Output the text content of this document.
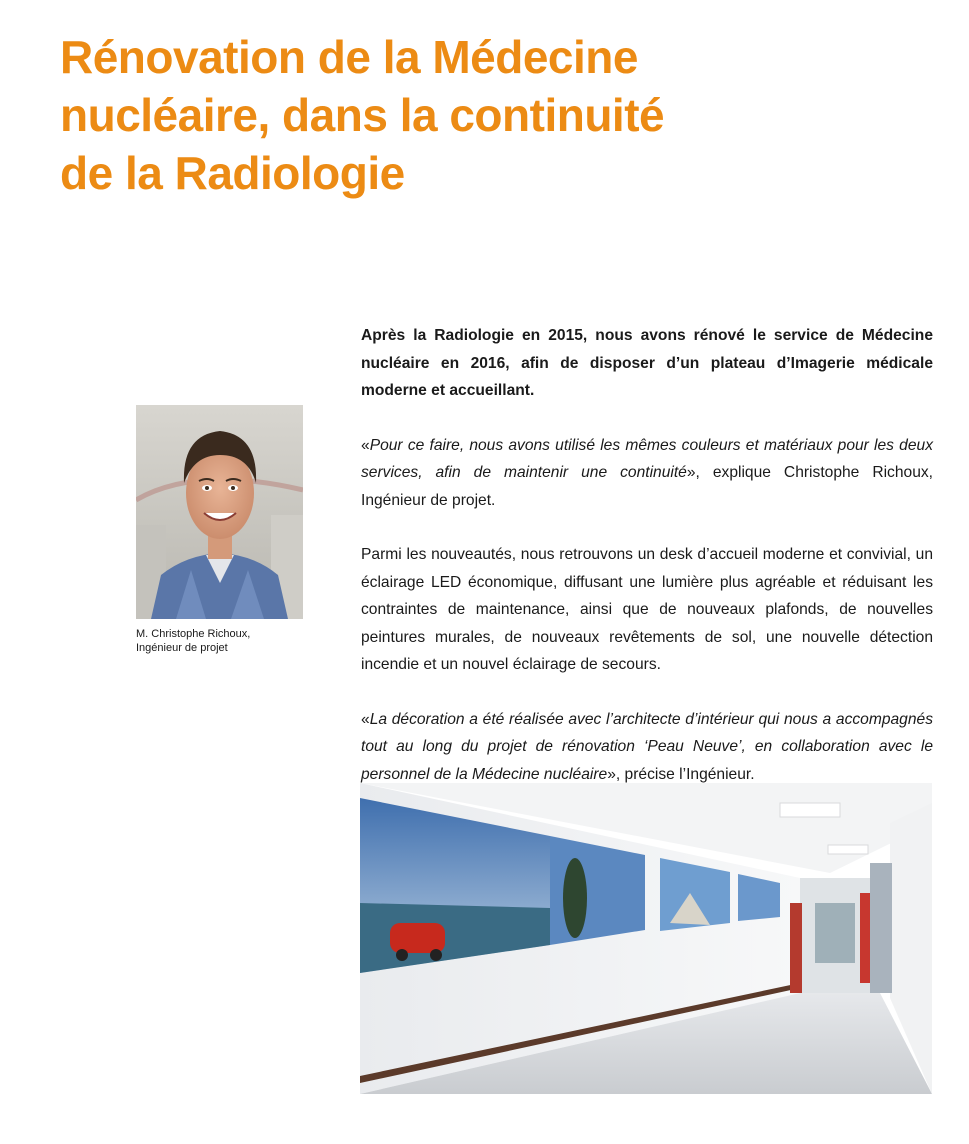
Rénovation de la Médecine
nucléaire, dans la continuité
de la Radiologie
M. Christophe Richoux,
Ingénieur de projet

Après la Radiologie en 2015, nous avons rénové le service de Médecine nucléaire en 2016, afin de disposer d’un plateau d’Imagerie médicale moderne et accueillant.

«Pour ce faire, nous avons utilisé les mêmes couleurs et matériaux pour les deux services, afin de maintenir une continuité», explique Christophe Richoux, Ingénieur de projet.

Parmi les nouveautés, nous retrouvons un desk d’accueil moderne et convivial, un éclairage LED économique, diffusant une lumière plus agréable et réduisant les contraintes de maintenance, ainsi que de nouveaux plafonds, de nouvelles peintures murales, de nouveaux revêtements de sol, une nouvelle détection incendie et un nouvel éclairage de secours.

«La décoration a été réalisée avec l’architecte d’intérieur qui nous a accompagnés tout au long du projet de rénovation ‘Peau Neuve’, en collaboration avec le personnel de la Médecine nucléaire», précise l’Ingénieur.
